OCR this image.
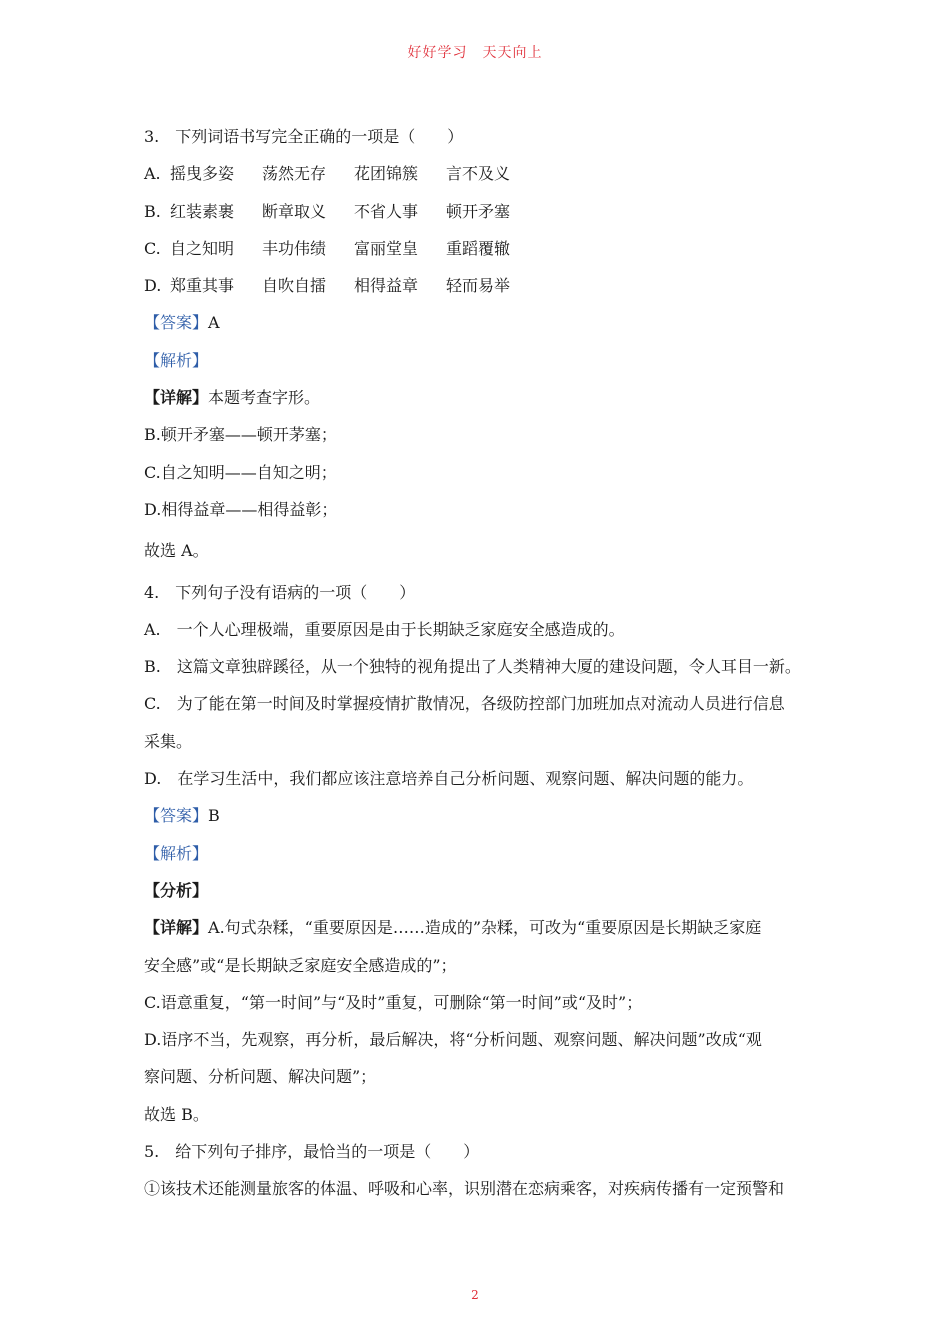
好好学习　天天向上
3.　下列词语书写完全正确的一项是（　　）
A. 摇曳多姿 荡然无存 花团锦簇 言不及义
B. 红装素裹 断章取义 不省人事 顿开矛塞
C. 自之知明 丰功伟绩 富丽堂皇 重蹈覆辙
D. 郑重其事 自吹自擂 相得益章 轻而易举
【答案】A
【解析】
【详解】本题考查字形。
B.顿开矛塞——顿开茅塞；
C.自之知明——自知之明；
D.相得益章——相得益彰；
故选 A。
4.　下列句子没有语病的一项（　　）
A.　一个人心理极端，重要原因是由于长期缺乏家庭安全感造成的。
B.　这篇文章独辟蹊径，从一个独特的视角提出了人类精神大厦的建设问题，令人耳目一新。
C.　为了能在第一时间及时掌握疫情扩散情况，各级防控部门加班加点对流动人员进行信息
采集。
D.　在学习生活中，我们都应该注意培养自己分析问题、观察问题、解决问题的能力。
【答案】B
【解析】
【分析】
【详解】A.句式杂糅，“重要原因是……造成的”杂糅，可改为“重要原因是长期缺乏家庭
安全感”或“是长期缺乏家庭安全感造成的”；
C.语意重复，“第一时间”与“及时”重复，可删除“第一时间”或“及时”；
D.语序不当，先观察，再分析，最后解决，将“分析问题、观察问题、解决问题”改成“观
察问题、分析问题、解决问题”；
故选 B。
5.　给下列句子排序，最恰当的一项是（　　）
①该技术还能测量旅客的体温、呼吸和心率，识别潜在恋病乘客，对疾病传播有一定预警和
2
